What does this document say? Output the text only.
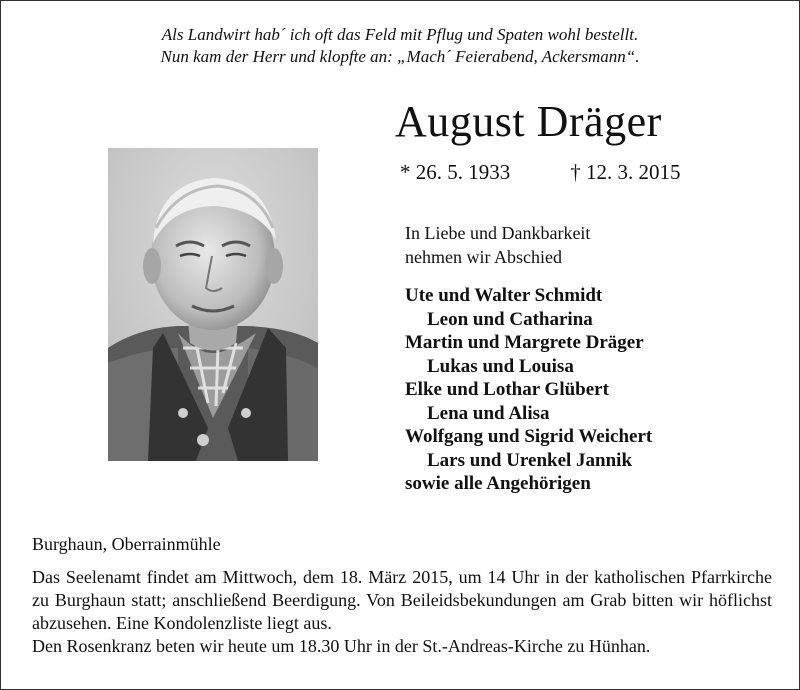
Als Landwirt hab´ ich oft das Feld mit Pflug und Spaten wohl bestellt.
Nun kam der Herr und klopfte an: „Mach´ Feierabend, Ackersmann“.
August Dräger
* 26. 5. 1933	† 12. 3. 2015
In Liebe und Dankbarkeit
nehmen wir Abschied
Ute und Walter Schmidt
Leon und Catharina
Martin und Margrete Dräger
Lukas und Louisa
Elke und Lothar Glübert
Lena und Alisa
Wolfgang und Sigrid Weichert
Lars und Urenkel Jannik
sowie alle Angehörigen
Burghaun, Oberrainmühle

Das Seelenamt findet am Mittwoch, dem 18. März 2015, um 14 Uhr in der katholischen Pfarrkirche zu Burghaun statt; anschließend Beerdigung. Von Beileidsbekundungen am Grab bitten wir höflichst abzusehen. Eine Kondolenzliste liegt aus.

Den Rosenkranz beten wir heute um 18.30 Uhr in der St.-Andreas-Kirche zu Hünhan.
